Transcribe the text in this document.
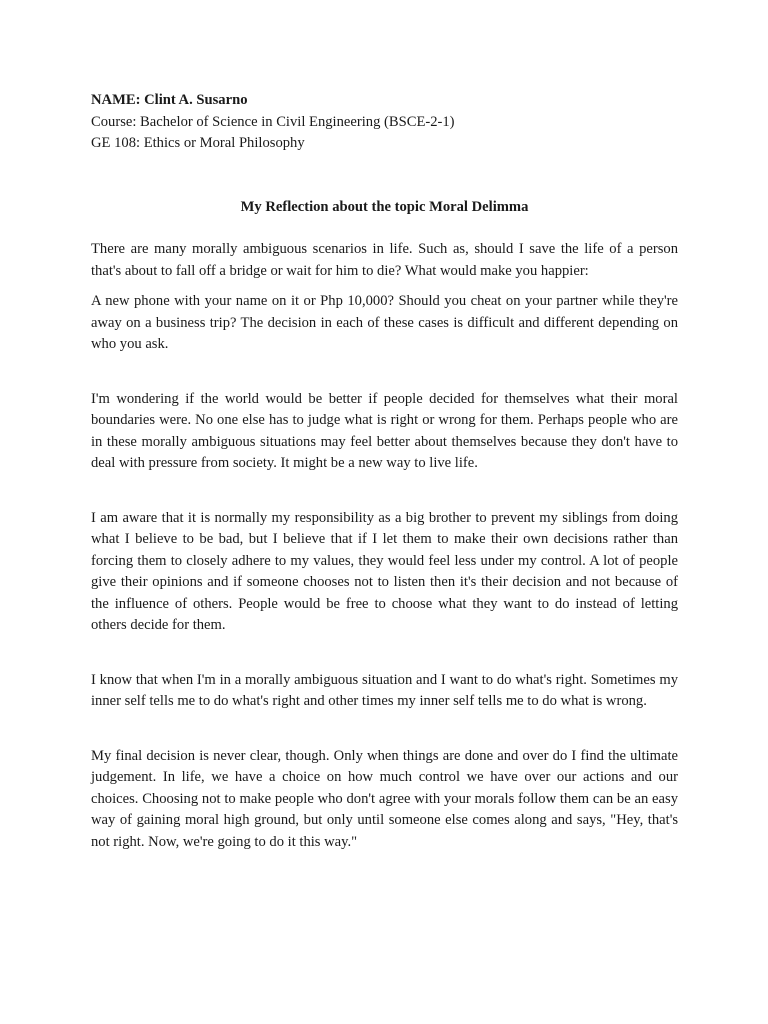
NAME: Clint A. Susarno

Course: Bachelor of Science in Civil Engineering (BSCE-2-1)

GE 108: Ethics or Moral Philosophy

My Reflection about the topic Moral Delimma

There are many morally ambiguous scenarios in life. Such as, should I save the life of a person that's about to fall off a bridge or wait for him to die? What would make you happier:

A new phone with your name on it or Php 10,000? Should you cheat on your partner while they're away on a business trip? The decision in each of these cases is difficult and different depending on who you ask.

I'm wondering if the world would be better if people decided for themselves what their moral boundaries were. No one else has to judge what is right or wrong for them. Perhaps people who are in these morally ambiguous situations may feel better about themselves because they don't have to deal with pressure from society. It might be a new way to live life.

I am aware that it is normally my responsibility as a big brother to prevent my siblings from doing what I believe to be bad, but I believe that if I let them to make their own decisions rather than forcing them to closely adhere to my values, they would feel less under my control. A lot of people give their opinions and if someone chooses not to listen then it's their decision and not because of the influence of others. People would be free to choose what they want to do instead of letting others decide for them.

I know that when I'm in a morally ambiguous situation and I want to do what's right. Sometimes my inner self tells me to do what's right and other times my inner self tells me to do what is wrong.

My final decision is never clear, though. Only when things are done and over do I find the ultimate judgement. In life, we have a choice on how much control we have over our actions and our choices. Choosing not to make people who don't agree with your morals follow them can be an easy way of gaining moral high ground, but only until someone else comes along and says, "Hey, that's not right. Now, we're going to do it this way."
